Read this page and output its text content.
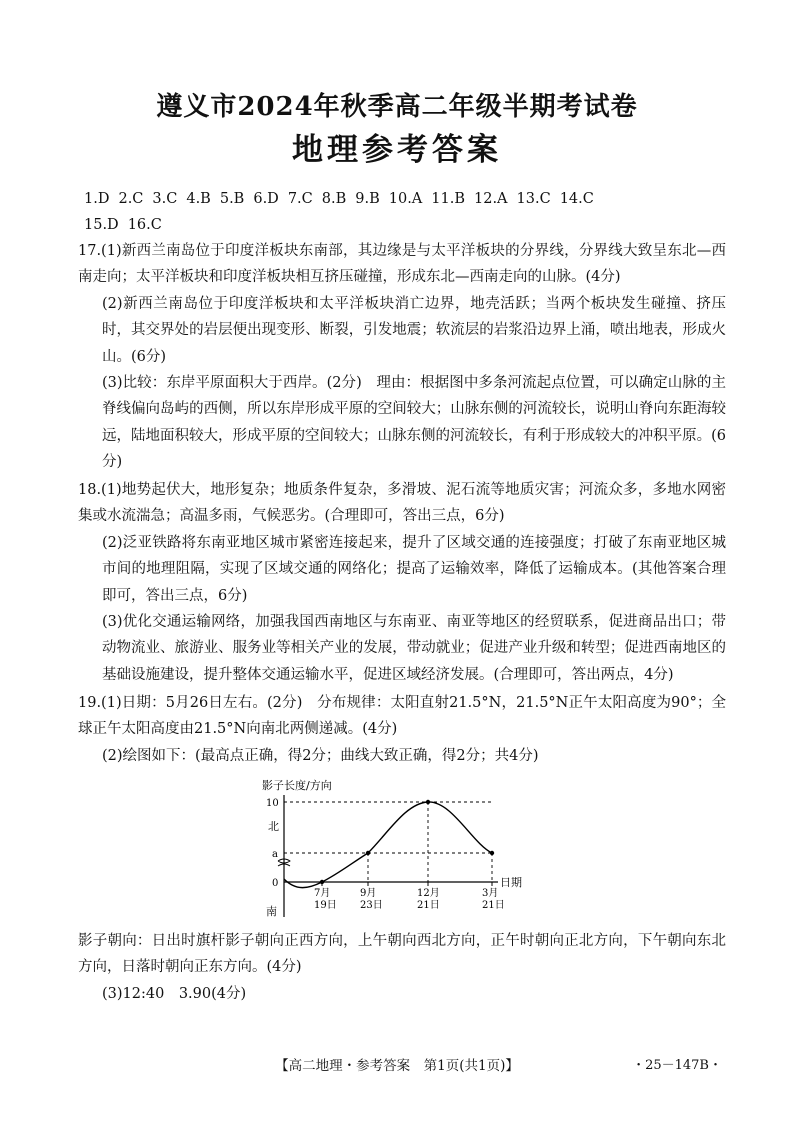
遵义市2024年秋季高二年级半期考试卷
地理参考答案
1.D 2.C 3.C 4.B 5.B 6.D 7.C 8.B 9.B 10.A 11.B 12.A 13.C 14.C
15.D 16.C

17.(1)新西兰南岛位于印度洋板块东南部，其边缘是与太平洋板块的分界线，分界线大致呈东北—西南走向；太平洋板块和印度洋板块相互挤压碰撞，形成东北—西南走向的山脉。(4分)

(2)新西兰南岛位于印度洋板块和太平洋板块消亡边界，地壳活跃；当两个板块发生碰撞、挤压时，其交界处的岩层便出现变形、断裂，引发地震；软流层的岩浆沿边界上涌，喷出地表，形成火山。(6分)

(3)比较：东岸平原面积大于西岸。(2分)　理由：根据图中多条河流起点位置，可以确定山脉的主脊线偏向岛屿的西侧，所以东岸形成平原的空间较大；山脉东侧的河流较长，说明山脊向东距海较远，陆地面积较大，形成平原的空间较大；山脉东侧的河流较长，有利于形成较大的冲积平原。(6分)

18.(1)地势起伏大，地形复杂；地质条件复杂，多滑坡、泥石流等地质灾害；河流众多，多地水网密集或水流湍急；高温多雨，气候恶劣。(合理即可，答出三点，6分)

(2)泛亚铁路将东南亚地区城市紧密连接起来，提升了区域交通的连接强度；打破了东南亚地区城市间的地理阻隔，实现了区域交通的网络化；提高了运输效率，降低了运输成本。(其他答案合理即可，答出三点，6分)

(3)优化交通运输网络，加强我国西南地区与东南亚、南亚等地区的经贸联系，促进商品出口；带动物流业、旅游业、服务业等相关产业的发展，带动就业；促进产业升级和转型；促进西南地区的基础设施建设，提升整体交通运输水平，促进区域经济发展。(合理即可，答出两点，4分)

19.(1)日期：5月26日左右。(2分)　分布规律：太阳直射21.5°N，21.5°N正午太阳高度为90°；全球正午太阳高度由21.5°N向南北两侧递减。(4分)

(2)绘图如下：(最高点正确，得2分；曲线大致正确，得2分；共4分)

影子长度/方向
10
北
a
0
南
7月
19日
9月
23日
12月
21日
3月
21日
日期

影子朝向：日出时旗杆影子朝向正西方向，上午朝向西北方向，正午时朝向正北方向，下午朝向东北方向，日落时朝向正东方向。(4分)

(3)12:40　3.90(4分)

【高二地理・参考答案　第1页(共1页)】	・25－147B・
